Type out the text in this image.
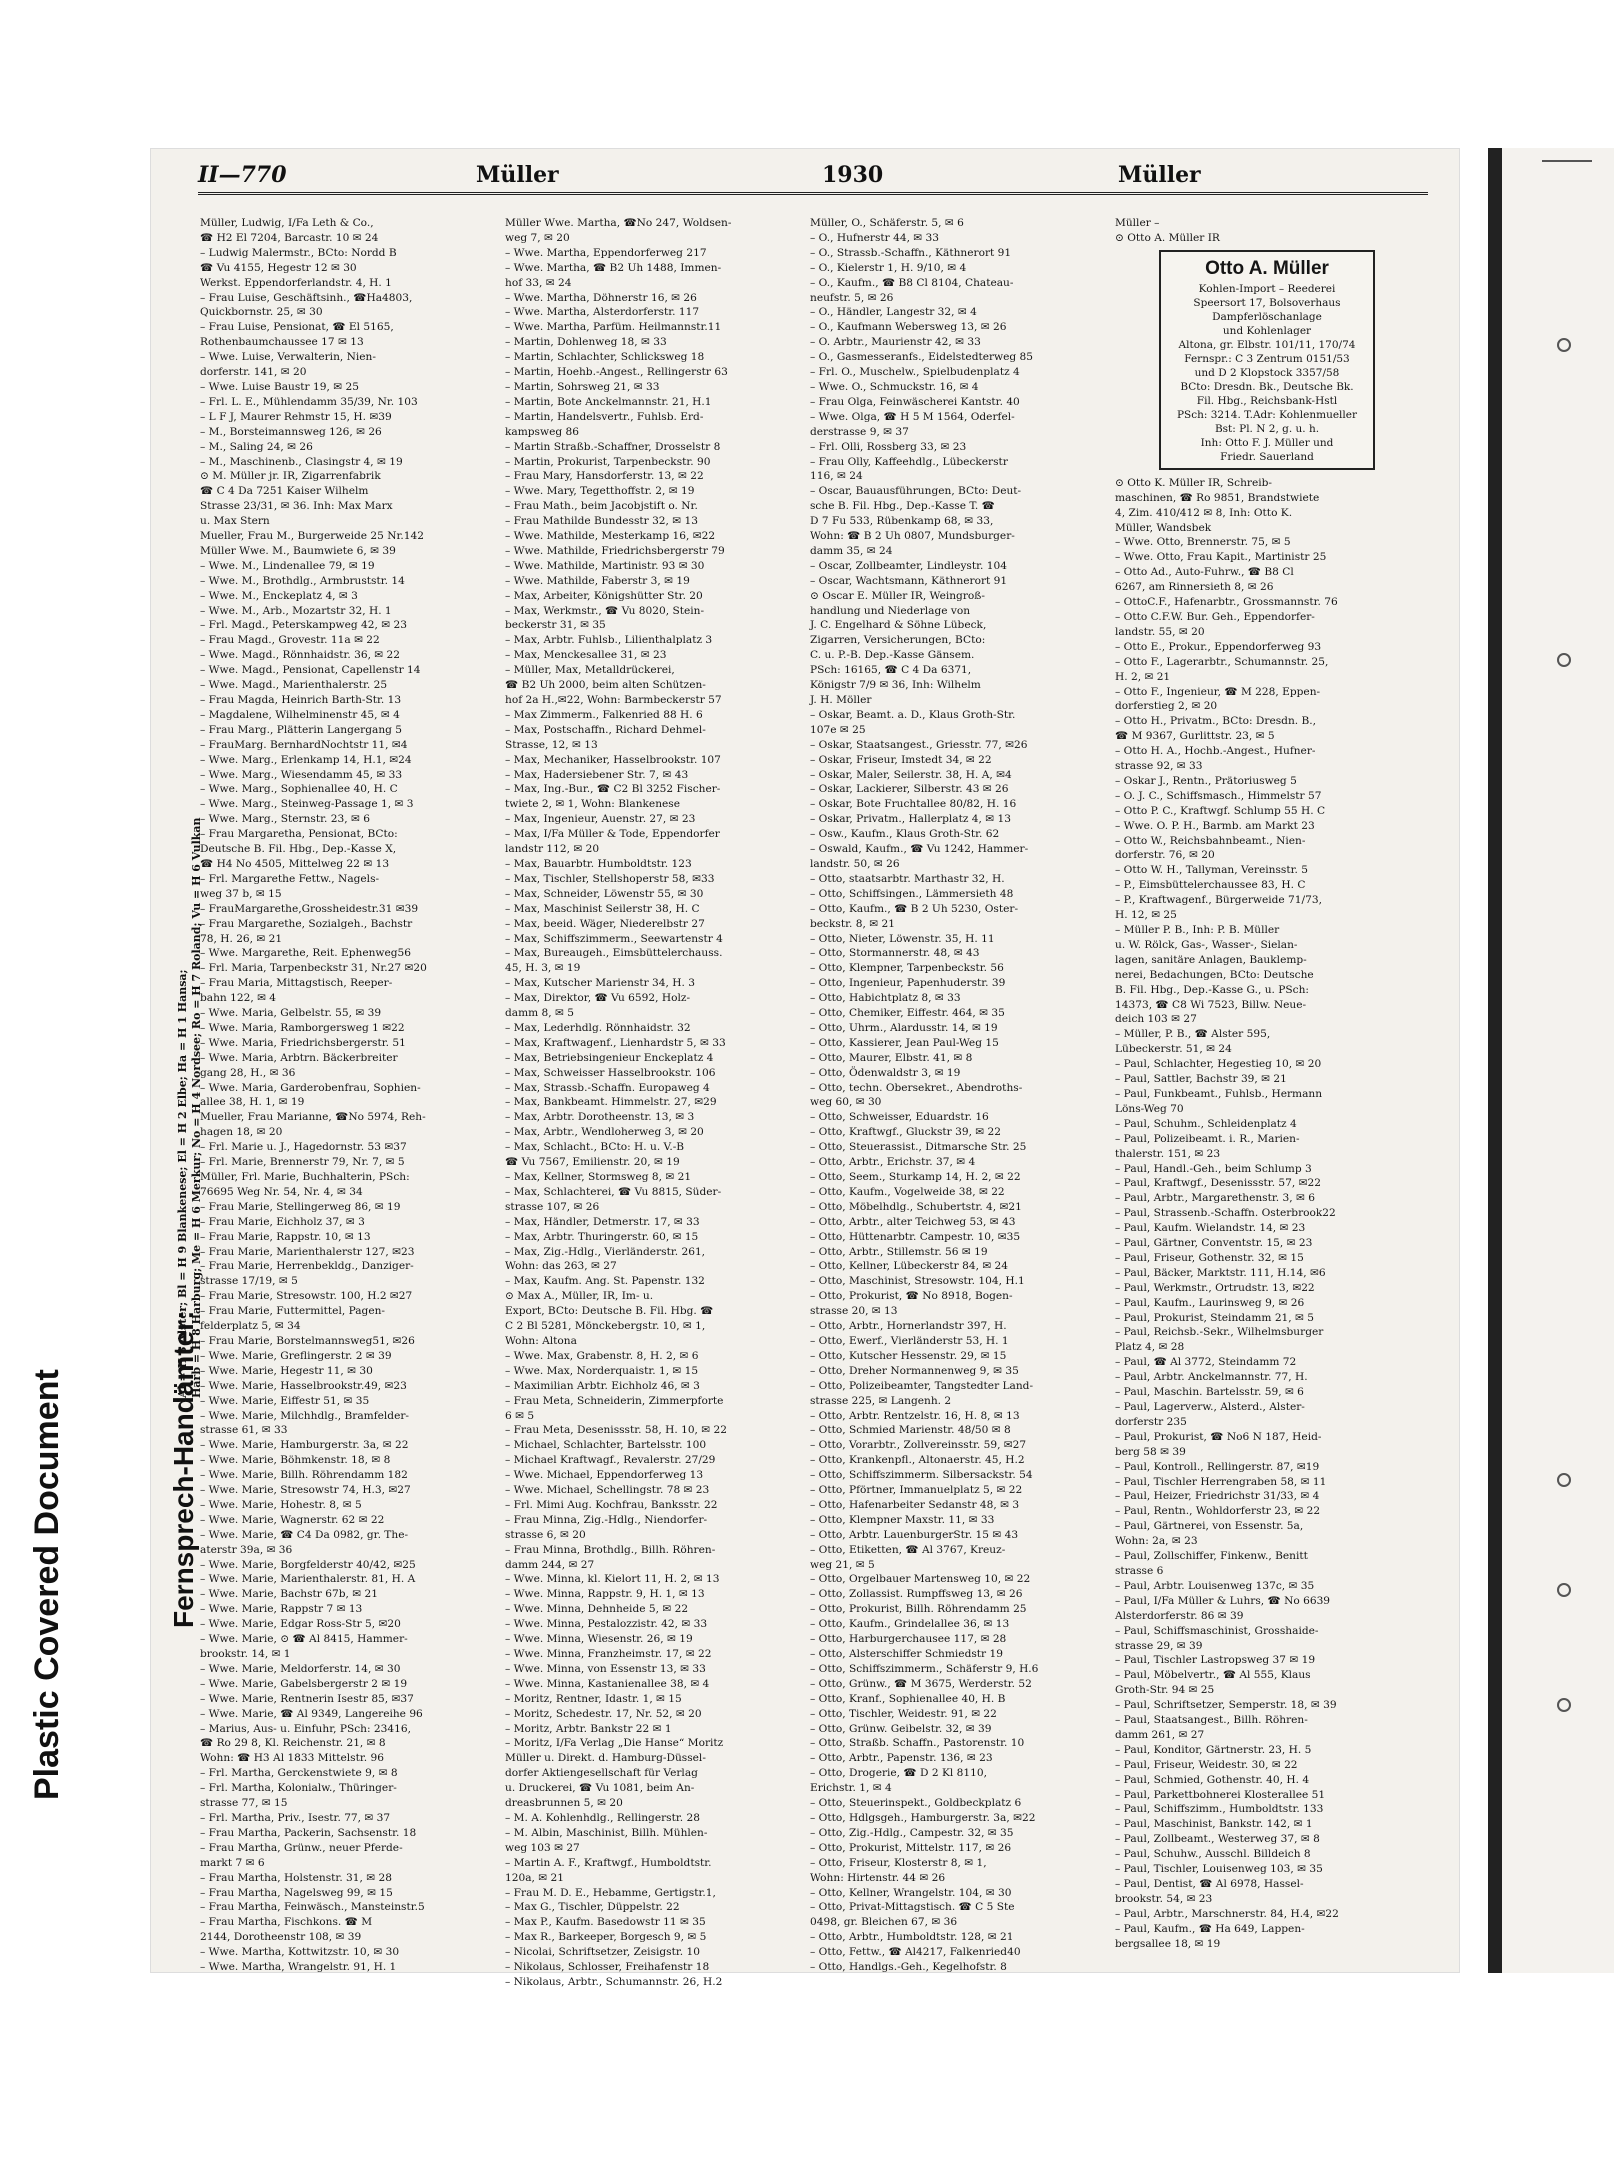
II—770	Müller	1930	Müller
Fernsprech-Handämter:
Al = H 3 Alster; Bl = H 9 Blankenese; El = H 2 Elbe; Ha = H 1 Hansa; Harb = H 8 Harburg; Me = H 6 Merkur; No = H 4 Nordsee; Ro = H 7 Roland; Vu = H 6 Vulkan

Müller, Ludwig, I/Fa Leth & Co.,

☎ H2 El 7204, Barcastr. 10 ✉ 24

– Ludwig Malermstr., BCto: Nordd B

☎ Vu 4155, Hegestr 12 ✉ 30

Werkst. Eppendorferlandstr. 4, H. 1

– Frau Luise, Geschäftsinh., ☎Ha4803,

Quickbornstr. 25, ✉ 30

– Frau Luise, Pensionat, ☎ El 5165,

Rothenbaumchaussee 17 ✉ 13

– Wwe. Luise, Verwalterin, Nien-

dorferstr. 141, ✉ 20

– Wwe. Luise Baustr 19, ✉ 25

– Frl. L. E., Mühlendamm 35/39, Nr. 103

– L F J, Maurer Rehmstr 15, H. ✉39

– M., Borsteimannsweg 126, ✉ 26

– M., Saling 24, ✉ 26

– M., Maschinenb., Clasingstr 4, ✉ 19

⊙ M. Müller jr. IR, Zigarrenfabrik

☎ C 4 Da 7251 Kaiser Wilhelm

Strasse 23/31, ✉ 36. Inh: Max Marx

u. Max Stern

Mueller, Frau M., Burgerweide 25 Nr.142

Müller Wwe. M., Baumwiete 6, ✉ 39

– Wwe. M., Lindenallee 79, ✉ 19

– Wwe. M., Brothdlg., Armbruststr. 14

– Wwe. M., Enckeplatz 4, ✉ 3

– Wwe. M., Arb., Mozartstr 32, H. 1

– Frl. Magd., Peterskampweg 42, ✉ 23

– Frau Magd., Grovestr. 11a ✉ 22

– Wwe. Magd., Rönnhaidstr. 36, ✉ 22

– Wwe. Magd., Pensionat, Capellenstr 14

– Wwe. Magd., Marienthalerstr. 25

– Frau Magda, Heinrich Barth-Str. 13

– Magdalene, Wilhelminenstr 45, ✉ 4

– Frau Marg., Plätterin Langergang 5

– FrauMarg. BernhardNochtstr 11, ✉4

– Wwe. Marg., Erlenkamp 14, H.1, ✉24

– Wwe. Marg., Wiesendamm 45, ✉ 33

– Wwe. Marg., Sophienallee 40, H. C

– Wwe. Marg., Steinweg-Passage 1, ✉ 3

– Wwe. Marg., Sternstr. 23, ✉ 6

– Frau Margaretha, Pensionat, BCto:

Deutsche B. Fil. Hbg., Dep.-Kasse X,

☎ H4 No 4505, Mittelweg 22 ✉ 13

– Frl. Margarethe Fettw., Nagels-

weg 37 b, ✉ 15

– FrauMargarethe,Grossheidestr.31 ✉39

– Frau Margarethe, Sozialgeh., Bachstr

78, H. 26, ✉ 21

– Wwe. Margarethe, Reit. Ephenweg56

– Frl. Maria, Tarpenbeckstr 31, Nr.27 ✉20

– Frau Maria, Mittagstisch, Reeper-

bahn 122, ✉ 4

– Wwe. Maria, Gelbelstr. 55, ✉ 39

– Wwe. Maria, Ramborgersweg 1 ✉22

– Wwe. Maria, Friedrichsbergerstr. 51

– Wwe. Maria, Arbtrn. Bäckerbreiter

gang 28, H., ✉ 36

– Wwe. Maria, Garderobenfrau, Sophien-

allee 38, H. 1, ✉ 19

Mueller, Frau Marianne, ☎No 5974, Reh-

hagen 18, ✉ 20

– Frl. Marie u. J., Hagedornstr. 53 ✉37

– Frl. Marie, Brennerstr 79, Nr. 7, ✉ 5

Müller, Frl. Marie, Buchhalterin, PSch:

76695 Weg Nr. 54, Nr. 4, ✉ 34

– Frau Marie, Stellingerweg 86, ✉ 19

– Frau Marie, Eichholz 37, ✉ 3

– Frau Marie, Rappstr. 10, ✉ 13

– Frau Marie, Marienthalerstr 127, ✉23

– Frau Marie, Herrenbekldg., Danziger-

strasse 17/19, ✉ 5

– Frau Marie, Stresowstr. 100, H.2 ✉27

– Frau Marie, Futtermittel, Pagen-

felderplatz 5, ✉ 34

– Frau Marie, Borstelmannsweg51, ✉26

– Wwe. Marie, Greflingerstr. 2 ✉ 39

– Wwe. Marie, Hegestr 11, ✉ 30

– Wwe. Marie, Hasselbrookstr.49, ✉23

– Wwe. Marie, Eiffestr 51, ✉ 35

– Wwe. Marie, Milchhdlg., Bramfelder-

strasse 61, ✉ 33

– Wwe. Marie, Hamburgerstr. 3a, ✉ 22

– Wwe. Marie, Böhmkenstr. 18, ✉ 8

– Wwe. Marie, Billh. Röhrendamm 182

– Wwe. Marie, Stresowstr 74, H.3, ✉27

– Wwe. Marie, Hohestr. 8, ✉ 5

– Wwe. Marie, Wagnerstr. 62 ✉ 22

– Wwe. Marie, ☎ C4 Da 0982, gr. The-

aterstr 39a, ✉ 36

– Wwe. Marie, Borgfelderstr 40/42, ✉25

– Wwe. Marie, Marienthalerstr. 81, H. A

– Wwe. Marie, Bachstr 67b, ✉ 21

– Wwe. Marie, Rappstr 7 ✉ 13

– Wwe. Marie, Edgar Ross-Str 5, ✉20

– Wwe. Marie, ⊙ ☎ Al 8415, Hammer-

brookstr. 14, ✉ 1

– Wwe. Marie, Meldorferstr. 14, ✉ 30

– Wwe. Marie, Gabelsbergerstr 2 ✉ 19

– Wwe. Marie, Rentnerin Isestr 85, ✉37

– Wwe. Marie, ☎ Al 9349, Langereihe 96

– Marius, Aus- u. Einfuhr, PSch: 23416,

☎ Ro 29 8, Kl. Reichenstr. 21, ✉ 8

Wohn: ☎ H3 Al 1833 Mittelstr. 96

– Frl. Martha, Gerckenstwiete 9, ✉ 8

– Frl. Martha, Kolonialw., Thüringer-

strasse 77, ✉ 15

– Frl. Martha, Priv., Isestr. 77, ✉ 37

– Frau Martha, Packerin, Sachsenstr. 18

– Frau Martha, Grünw., neuer Pferde-

markt 7 ✉ 6

– Frau Martha, Holstenstr. 31, ✉ 28

– Frau Martha, Nagelsweg 99, ✉ 15

– Frau Martha, Feinwäsch., Mansteinstr.5

– Frau Martha, Fischkons. ☎ M

2144, Dorotheenstr 108, ✉ 39

– Wwe. Martha, Kottwitzstr. 10, ✉ 30

– Wwe. Martha, Wrangelstr. 91, H. 1

Müller Wwe. Martha, ☎No 247, Woldsen-

weg 7, ✉ 20

– Wwe. Martha, Eppendorferweg 217

– Wwe. Martha, ☎ B2 Uh 1488, Immen-

hof 33, ✉ 24

– Wwe. Martha, Döhnerstr 16, ✉ 26

– Wwe. Martha, Alsterdorferstr. 117

– Wwe. Martha, Parfüm. Heilmannstr.11

– Martin, Dohlenweg 18, ✉ 33

– Martin, Schlachter, Schlicksweg 18

– Martin, Hoehb.-Angest., Rellingerstr 63

– Martin, Sohrsweg 21, ✉ 33

– Martin, Bote Anckelmannstr. 21, H.1

– Martin, Handelsvertr., Fuhlsb. Erd-

kampsweg 86

– Martin Straßb.-Schaffner, Drosselstr 8

– Martin, Prokurist, Tarpenbeckstr. 90

– Frau Mary, Hansdorferstr. 13, ✉ 22

– Wwe. Mary, Tegetthoffstr. 2, ✉ 19

– Frau Math., beim Jacobjstift o. Nr.

– Frau Mathilde Bundesstr 32, ✉ 13

– Wwe. Mathilde, Mesterkamp 16, ✉22

– Wwe. Mathilde, Friedrichsbergerstr 79

– Wwe. Mathilde, Martinistr. 93 ✉ 30

– Wwe. Mathilde, Faberstr 3, ✉ 19

– Max, Arbeiter, Königshütter Str. 20

– Max, Werkmstr., ☎ Vu 8020, Stein-

beckerstr 31, ✉ 35

– Max, Arbtr. Fuhlsb., Lilienthalplatz 3

– Max, Menckesallee 31, ✉ 23

– Müller, Max, Metalldrückerei,

☎ B2 Uh 2000, beim alten Schützen-

hof 2a H.,✉22, Wohn: Barmbeckerstr 57

– Max Zimmerm., Falkenried 88 H. 6

– Max, Postschaffn., Richard Dehmel-

Strasse, 12, ✉ 13

– Max, Mechaniker, Hasselbrookstr. 107

– Max, Hadersiebener Str. 7, ✉ 43

– Max, Ing.-Bur., ☎ C2 Bl 3252 Fischer-

twiete 2, ✉ 1, Wohn: Blankenese

– Max, Ingenieur, Auenstr. 27, ✉ 23

– Max, I/Fa Müller & Tode, Eppendorfer

landstr 112, ✉ 20

– Max, Bauarbtr. Humboldtstr. 123

– Max, Tischler, Stellshoperstr 58, ✉33

– Max, Schneider, Löwenstr 55, ✉ 30

– Max, Maschinist Seilerstr 38, H. C

– Max, beeid. Wäger, Niederelbstr 27

– Max, Schiffszimmerm., Seewartenstr 4

– Max, Bureaugeh., Eimsbüttelerchauss.

45, H. 3, ✉ 19

– Max, Kutscher Marienstr 34, H. 3

– Max, Direktor, ☎ Vu 6592, Holz-

damm 8, ✉ 5

– Max, Lederhdlg. Rönnhaidstr. 32

– Max, Kraftwagenf., Lienhardstr 5, ✉ 33

– Max, Betriebsingenieur Enckeplatz 4

– Max, Schweisser Hasselbrookstr. 106

– Max, Strassb.-Schaffn. Europaweg 4

– Max, Bankbeamt. Himmelstr. 27, ✉29

– Max, Arbtr. Dorotheenstr. 13, ✉ 3

– Max, Arbtr., Wendloherweg 3, ✉ 20

– Max, Schlacht., BCto: H. u. V.-B

☎ Vu 7567, Emilienstr. 20, ✉ 19

– Max, Kellner, Stormsweg 8, ✉ 21

– Max, Schlachterei, ☎ Vu 8815, Süder-

strasse 107, ✉ 26

– Max, Händler, Detmerstr. 17, ✉ 33

– Max, Arbtr. Thuringerstr. 60, ✉ 15

– Max, Zig.-Hdlg., Vierländerstr. 261,

Wohn: das 263, ✉ 27

– Max, Kaufm. Ang. St. Papenstr. 132

⊙ Max A., Müller, IR, Im- u.

Export, BCto: Deutsche B. Fil. Hbg. ☎

C 2 Bl 5281, Mönckebergstr. 10, ✉ 1,

Wohn: Altona

– Wwe. Max, Grabenstr. 8, H. 2, ✉ 6

– Wwe. Max, Norderquaistr. 1, ✉ 15

– Maximilian Arbtr. Eichholz 46, ✉ 3

– Frau Meta, Schneiderin, Zimmerpforte

6 ✉ 5

– Frau Meta, Desenissstr. 58, H. 10, ✉ 22

– Michael, Schlachter, Bartelsstr. 100

– Michael Kraftwagf., Revalerstr. 27/29

– Wwe. Michael, Eppendorferweg 13

– Wwe. Michael, Schellingstr. 78 ✉ 23

– Frl. Mimi Aug. Kochfrau, Banksstr. 22

– Frau Minna, Zig.-Hdlg., Niendorfer-

strasse 6, ✉ 20

– Frau Minna, Brothdlg., Billh. Röhren-

damm 244, ✉ 27

– Wwe. Minna, kl. Kielort 11, H. 2, ✉ 13

– Wwe. Minna, Rappstr. 9, H. 1, ✉ 13

– Wwe. Minna, Dehnheide 5, ✉ 22

– Wwe. Minna, Pestalozzistr. 42, ✉ 33

– Wwe. Minna, Wiesenstr. 26, ✉ 19

– Wwe. Minna, Franzheimstr. 17, ✉ 22

– Wwe. Minna, von Essenstr 13, ✉ 33

– Wwe. Minna, Kastanienallee 38, ✉ 4

– Moritz, Rentner, Idastr. 1, ✉ 15

– Moritz, Schedestr. 17, Nr. 52, ✉ 20

– Moritz, Arbtr. Bankstr 22 ✉ 1

– Moritz, I/Fa Verlag „Die Hanse“ Moritz

Müller u. Direkt. d. Hamburg-Düssel-

dorfer Aktiengesellschaft für Verlag

u. Druckerei, ☎ Vu 1081, beim An-

dreasbrunnen 5, ✉ 20

– M. A. Kohlenhdlg., Rellingerstr. 28

– M. Albin, Maschinist, Billh. Mühlen-

weg 103 ✉ 27

– Martin A. F., Kraftwgf., Humboldtstr.

120a, ✉ 21

– Frau M. D. E., Hebamme, Gertigstr.1,

– Max G., Tischler, Düppelstr. 22

– Max P., Kaufm. Basedowstr 11 ✉ 35

– Max R., Barkeeper, Borgesch 9, ✉ 5

– Nicolai, Schriftsetzer, Zeisigstr. 10

– Nikolaus, Schlosser, Freihafenstr 18

– Nikolaus, Arbtr., Schumannstr. 26, H.2

Müller, O., Schäferstr. 5, ✉ 6

– O., Hufnerstr 44, ✉ 33

– O., Strassb.-Schaffn., Käthnerort 91

– O., Kielerstr 1, H. 9/10, ✉ 4

– O., Kaufm., ☎ B8 Cl 8104, Chateau-

neufstr. 5, ✉ 26

– O., Händler, Langestr 32, ✉ 4

– O., Kaufmann Webersweg 13, ✉ 26

– O. Arbtr., Maurienstr 42, ✉ 33

– O., Gasmesseranfs., Eidelstedterweg 85

– Frl. O., Muschelw., Spielbudenplatz 4

– Wwe. O., Schmuckstr. 16, ✉ 4

– Frau Olga, Feinwäscherei Kantstr. 40

– Wwe. Olga, ☎ H 5 M 1564, Oderfel-

derstrasse 9, ✉ 37

– Frl. Olli, Rossberg 33, ✉ 23

– Frau Olly, Kaffeehdlg., Lübeckerstr

116, ✉ 24

– Oscar, Bauausführungen, BCto: Deut-

sche B. Fil. Hbg., Dep.-Kasse T. ☎

D 7 Fu 533, Rübenkamp 68, ✉ 33,

Wohn: ☎ B 2 Uh 0807, Mundsburger-

damm 35, ✉ 24

– Oscar, Zollbeamter, Lindleystr. 104

– Oscar, Wachtsmann, Käthnerort 91

⊙ Oscar E. Müller IR, Weingroß-

handlung und Niederlage von

J. C. Engelhard & Söhne Lübeck,

Zigarren, Versicherungen, BCto:

C. u. P.-B. Dep.-Kasse Gänsem.

PSch: 16165, ☎ C 4 Da 6371,

Königstr 7/9 ✉ 36, Inh: Wilhelm

J. H. Möller

– Oskar, Beamt. a. D., Klaus Groth-Str.

107e ✉ 25

– Oskar, Staatsangest., Griesstr. 77, ✉26

– Oskar, Friseur, Imstedt 34, ✉ 22

– Oskar, Maler, Seilerstr. 38, H. A, ✉4

– Oskar, Lackierer, Silberstr. 43 ✉ 26

– Oskar, Bote Fruchtallee 80/82, H. 16

– Oskar, Privatm., Hallerplatz 4, ✉ 13

– Osw., Kaufm., Klaus Groth-Str. 62

– Oswald, Kaufm., ☎ Vu 1242, Hammer-

landstr. 50, ✉ 26

– Otto, staatsarbtr. Marthastr 32, H.

– Otto, Schiffsingen., Lämmersieth 48

– Otto, Kaufm., ☎ B 2 Uh 5230, Oster-

beckstr. 8, ✉ 21

– Otto, Nieter, Löwenstr. 35, H. 11

– Otto, Stormannerstr. 48, ✉ 43

– Otto, Klempner, Tarpenbeckstr. 56

– Otto, Ingenieur, Papenhuderstr. 39

– Otto, Habichtplatz 8, ✉ 33

– Otto, Chemiker, Eiffestr. 464, ✉ 35

– Otto, Uhrm., Alardusstr. 14, ✉ 19

– Otto, Kassierer, Jean Paul-Weg 15

– Otto, Maurer, Elbstr. 41, ✉ 8

– Otto, Ödenwaldstr 3, ✉ 19

– Otto, techn. Obersekret., Abendroths-

weg 60, ✉ 30

– Otto, Schweisser, Eduardstr. 16

– Otto, Kraftwgf., Gluckstr 39, ✉ 22

– Otto, Steuerassist., Ditmarsche Str. 25

– Otto, Arbtr., Erichstr. 37, ✉ 4

– Otto, Seem., Sturkamp 14, H. 2, ✉ 22

– Otto, Kaufm., Vogelweide 38, ✉ 22

– Otto, Möbelhdlg., Schubertstr. 4, ✉21

– Otto, Arbtr., alter Teichweg 53, ✉ 43

– Otto, Hüttenarbtr. Campestr. 10, ✉35

– Otto, Arbtr., Stillemstr. 56 ✉ 19

– Otto, Kellner, Lübeckerstr 84, ✉ 24

– Otto, Maschinist, Stresowstr. 104, H.1

– Otto, Prokurist, ☎ No 8918, Bogen-

strasse 20, ✉ 13

– Otto, Arbtr., Hornerlandstr 397, H.

– Otto, Ewerf., Vierländerstr 53, H. 1

– Otto, Kutscher Hessenstr. 29, ✉ 15

– Otto, Dreher Normannenweg 9, ✉ 35

– Otto, Polizeibeamter, Tangstedter Land-

strasse 225, ✉ Langenh. 2

– Otto, Arbtr. Rentzelstr. 16, H. 8, ✉ 13

– Otto, Schmied Marienstr. 48/50 ✉ 8

– Otto, Vorarbtr., Zollvereinsstr. 59, ✉27

– Otto, Krankenpfl., Altonaerstr. 45, H.2

– Otto, Schiffszimmerm. Silbersackstr. 54

– Otto, Pförtner, Immanuelplatz 5, ✉ 22

– Otto, Hafenarbeiter Sedanstr 48, ✉ 3

– Otto, Klempner Maxstr. 11, ✉ 33

– Otto, Arbtr. LauenburgerStr. 15 ✉ 43

– Otto, Etiketten, ☎ Al 3767, Kreuz-

weg 21, ✉ 5

– Otto, Orgelbauer Martensweg 10, ✉ 22

– Otto, Zollassist. Rumpffsweg 13, ✉ 26

– Otto, Prokurist, Billh. Röhrendamm 25

– Otto, Kaufm., Grindelallee 36, ✉ 13

– Otto, Harburgerchausee 117, ✉ 28

– Otto, Alsterschiffer Schmiedstr 19

– Otto, Schiffszimmerm., Schäferstr 9, H.6

– Otto, Grünw., ☎ M 3675, Werderstr. 52

– Otto, Kranf., Sophienallee 40, H. B

– Otto, Tischler, Weidestr. 91, ✉ 22

– Otto, Grünw. Geibelstr. 32, ✉ 39

– Otto, Straßb. Schaffn., Pastorenstr. 10

– Otto, Arbtr., Papenstr. 136, ✉ 23

– Otto, Drogerie, ☎ D 2 Kl 8110,

Erichstr. 1, ✉ 4

– Otto, Steuerinspekt., Goldbeckplatz 6

– Otto, Hdlgsgeh., Hamburgerstr. 3a, ✉22

– Otto, Zig.-Hdlg., Campestr. 32, ✉ 35

– Otto, Prokurist, Mittelstr. 117, ✉ 26

– Otto, Friseur, Klosterstr 8, ✉ 1,

Wohn: Hirtenstr. 44 ✉ 26

– Otto, Kellner, Wrangelstr. 104, ✉ 30

– Otto, Privat-Mittagstisch. ☎ C 5 Ste

0498, gr. Bleichen 67, ✉ 36

– Otto, Arbtr., Humboldtstr. 128, ✉ 21

– Otto, Fettw., ☎ Al4217, Falkenried40

– Otto, Handlgs.-Geh., Kegelhofstr. 8

Müller –

⊙ Otto A. Müller IR

Otto A. Müller
Kohlen-Import – Reederei
Speersort 17, Bolsoverhaus
Dampferlöschanlage
und Kohlenlager
Altona, gr. Elbstr. 101/11, 170/74
Fernspr.: C 3 Zentrum 0151/53
und D 2 Klopstock 3357/58
BCto: Dresdn. Bk., Deutsche Bk.
Fil. Hbg., Reichsbank-Hstl
PSch: 3214. T.Adr: Kohlenmueller
Bst: Pl. N 2, g. u. h.
Inh: Otto F. J. Müller und
Friedr. Sauerland

⊙ Otto K. Müller IR, Schreib-

maschinen, ☎ Ro 9851, Brandstwiete

4, Zim. 410/412 ✉ 8, Inh: Otto K.

Müller, Wandsbek

– Wwe. Otto, Brennerstr. 75, ✉ 5

– Wwe. Otto, Frau Kapit., Martinistr 25

– Otto Ad., Auto-Fuhrw., ☎ B8 Cl

6267, am Rinnersieth 8, ✉ 26

– OttoC.F., Hafenarbtr., Grossmannstr. 76

– Otto C.F.W. Bur. Geh., Eppendorfer-

landstr. 55, ✉ 20

– Otto E., Prokur., Eppendorferweg 93

– Otto F., Lagerarbtr., Schumannstr. 25,

H. 2, ✉ 21

– Otto F., Ingenieur, ☎ M 228, Eppen-

dorferstieg 2, ✉ 20

– Otto H., Privatm., BCto: Dresdn. B.,

☎ M 9367, Gurlittstr. 23, ✉ 5

– Otto H. A., Hochb.-Angest., Hufner-

strasse 92, ✉ 33

– Oskar J., Rentn., Prätoriusweg 5

– O. J. C., Schiffsmasch., Himmelstr 57

– Otto P. C., Kraftwgf. Schlump 55 H. C

– Wwe. O. P. H., Barmb. am Markt 23

– Otto W., Reichsbahnbeamt., Nien-

dorferstr. 76, ✉ 20

– Otto W. H., Tallyman, Vereinsstr. 5

– P., Eimsbüttelerchaussee 83, H. C

– P., Kraftwagenf., Bürgerweide 71/73,

H. 12, ✉ 25

– Müller P. B., Inh: P. B. Müller

u. W. Rölck, Gas-, Wasser-, Sielan-

lagen, sanitäre Anlagen, Bauklemp-

nerei, Bedachungen, BCto: Deutsche

B. Fil. Hbg., Dep.-Kasse G., u. PSch:

14373, ☎ C8 Wi 7523, Billw. Neue-

deich 103 ✉ 27

– Müller, P. B., ☎ Alster 595,

Lübeckerstr. 51, ✉ 24

– Paul, Schlachter, Hegestieg 10, ✉ 20

– Paul, Sattler, Bachstr 39, ✉ 21

– Paul, Funkbeamt., Fuhlsb., Hermann

Löns-Weg 70

– Paul, Schuhm., Schleidenplatz 4

– Paul, Polizeibeamt. i. R., Marien-

thalerstr. 151, ✉ 23

– Paul, Handl.-Geh., beim Schlump 3

– Paul, Kraftwgf., Desenissstr. 57, ✉22

– Paul, Arbtr., Margarethenstr. 3, ✉ 6

– Paul, Strassenb.-Schaffn. Osterbrook22

– Paul, Kaufm. Wielandstr. 14, ✉ 23

– Paul, Gärtner, Conventstr. 15, ✉ 23

– Paul, Friseur, Gothenstr. 32, ✉ 15

– Paul, Bäcker, Marktstr. 111, H.14, ✉6

– Paul, Werkmstr., Ortrudstr. 13, ✉22

– Paul, Kaufm., Laurinsweg 9, ✉ 26

– Paul, Prokurist, Steindamm 21, ✉ 5

– Paul, Reichsb.-Sekr., Wilhelmsburger

Platz 4, ✉ 28

– Paul, ☎ Al 3772, Steindamm 72

– Paul, Arbtr. Anckelmannstr. 77, H.

– Paul, Maschin. Bartelsstr. 59, ✉ 6

– Paul, Lagerverw., Alsterd., Alster-

dorferstr 235

– Paul, Prokurist, ☎ No6 N 187, Heid-

berg 58 ✉ 39

– Paul, Kontroll., Rellingerstr. 87, ✉19

– Paul, Tischler Herrengraben 58, ✉ 11

– Paul, Heizer, Friedrichstr 31/33, ✉ 4

– Paul, Rentn., Wohldorferstr 23, ✉ 22

– Paul, Gärtnerei, von Essenstr. 5a,

Wohn: 2a, ✉ 23

– Paul, Zollschiffer, Finkenw., Benitt

strasse 6

– Paul, Arbtr. Louisenweg 137c, ✉ 35

– Paul, I/Fa Müller & Luhrs, ☎ No 6639

Alsterdorferstr. 86 ✉ 39

– Paul, Schiffsmaschinist, Grosshaide-

strasse 29, ✉ 39

– Paul, Tischler Lastropsweg 37 ✉ 19

– Paul, Möbelvertr., ☎ Al 555, Klaus

Groth-Str. 94 ✉ 25

– Paul, Schriftsetzer, Semperstr. 18, ✉ 39

– Paul, Staatsangest., Billh. Röhren-

damm 261, ✉ 27

– Paul, Konditor, Gärtnerstr. 23, H. 5

– Paul, Friseur, Weidestr. 30, ✉ 22

– Paul, Schmied, Gothenstr. 40, H. 4

– Paul, Parkettbohnerei Klosterallee 51

– Paul, Schiffszimm., Humboldtstr. 133

– Paul, Maschinist, Bankstr. 142, ✉ 1

– Paul, Zollbeamt., Westerweg 37, ✉ 8

– Paul, Schuhw., Ausschl. Billdeich 8

– Paul, Tischler, Louisenweg 103, ✉ 35

– Paul, Dentist, ☎ Al 6978, Hassel-

brookstr. 54, ✉ 23

– Paul, Arbtr., Marschnerstr. 84, H.4, ✉22

– Paul, Kaufm., ☎ Ha 649, Lappen-

bergsallee 18, ✉ 19

Plastic Covered Document
